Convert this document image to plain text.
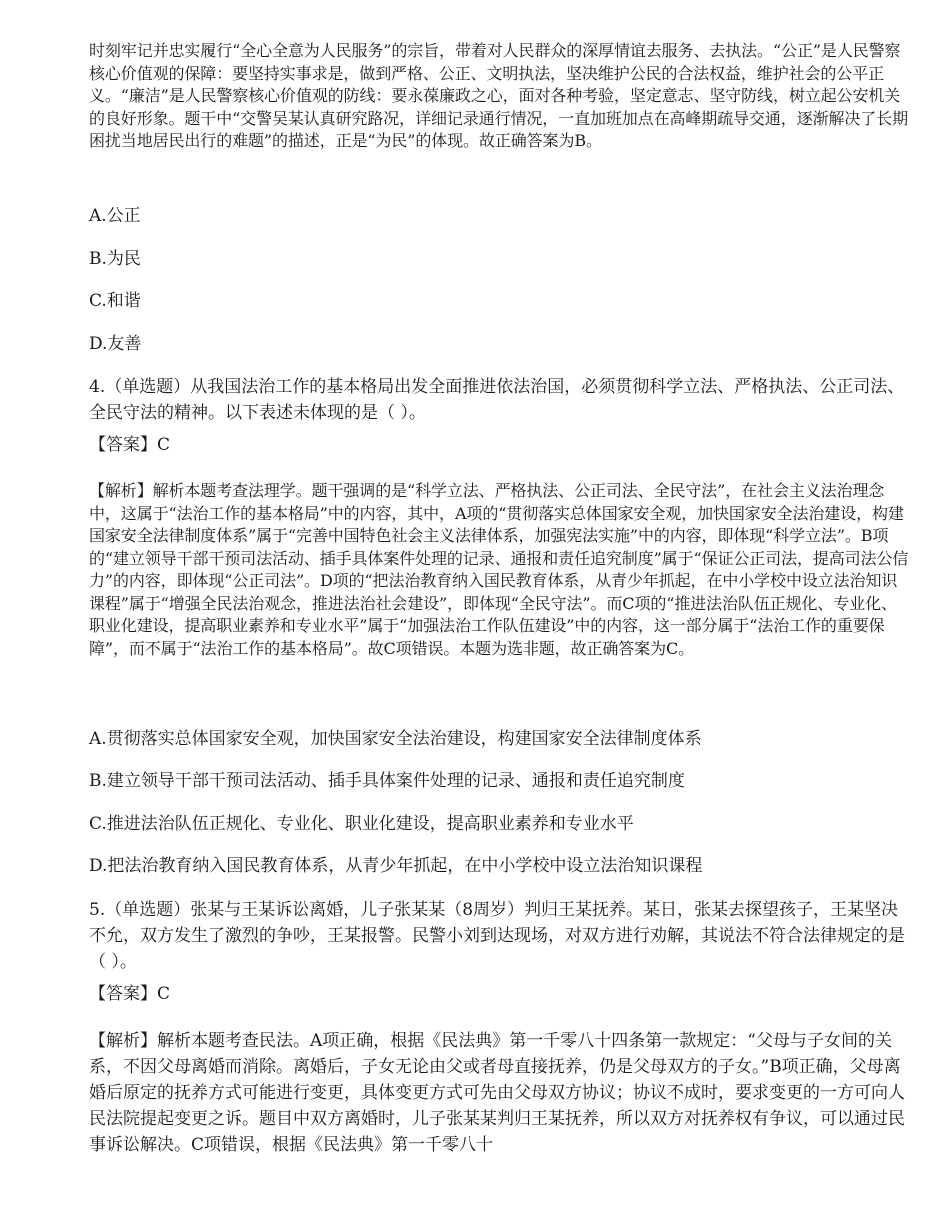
时刻牢记并忠实履行“全心全意为人民服务”的宗旨，带着对人民群众的深厚情谊去服务、去执法。“公正”是人民警察核心价值观的保障：要坚持实事求是，做到严格、公正、文明执法，坚决维护公民的合法权益，维护社会的公平正义。“廉洁”是人民警察核心价值观的防线：要永葆廉政之心，面对各种考验，坚定意志、坚守防线，树立起公安机关的良好形象。题干中“交警吴某认真研究路况，详细记录通行情况，一直加班加点在高峰期疏导交通，逐渐解决了长期困扰当地居民出行的难题”的描述，正是“为民”的体现。故正确答案为B。
A.公正
B.为民
C.和谐
D.友善
4.（单选题）从我国法治工作的基本格局出发全面推进依法治国，必须贯彻科学立法、严格执法、公正司法、全民守法的精神。以下表述未体现的是（ ）。
【答案】C
【解析】解析本题考查法理学。题干强调的是“科学立法、严格执法、公正司法、全民守法”，在社会主义法治理念中，这属于“法治工作的基本格局”中的内容，其中，A项的“贯彻落实总体国家安全观，加快国家安全法治建设，构建国家安全法律制度体系”属于“完善中国特色社会主义法律体系，加强宪法实施”中的内容，即体现“科学立法”。B项的“建立领导干部干预司法活动、插手具体案件处理的记录、通报和责任追究制度”属于“保证公正司法，提高司法公信力”的内容，即体现“公正司法”。D项的“把法治教育纳入国民教育体系，从青少年抓起，在中小学校中设立法治知识课程”属于“增强全民法治观念，推进法治社会建设”，即体现“全民守法”。而C项的“推进法治队伍正规化、专业化、职业化建设，提高职业素养和专业水平”属于“加强法治工作队伍建设”中的内容，这一部分属于“法治工作的重要保障”，而不属于“法治工作的基本格局”。故C项错误。本题为选非题，故正确答案为C。
A.贯彻落实总体国家安全观，加快国家安全法治建设，构建国家安全法律制度体系
B.建立领导干部干预司法活动、插手具体案件处理的记录、通报和责任追究制度
C.推进法治队伍正规化、专业化、职业化建设，提高职业素养和专业水平
D.把法治教育纳入国民教育体系，从青少年抓起，在中小学校中设立法治知识课程
5.（单选题）张某与王某诉讼离婚，儿子张某某（8周岁）判归王某抚养。某日，张某去探望孩子，王某坚决不允，双方发生了激烈的争吵，王某报警。民警小刘到达现场，对双方进行劝解，其说法不符合法律规定的是（ ）。
【答案】C
【解析】解析本题考查民法。A项正确，根据《民法典》第一千零八十四条第一款规定：“父母与子女间的关系，不因父母离婚而消除。离婚后，子女无论由父或者母直接抚养，仍是父母双方的子女。”B项正确，父母离婚后原定的抚养方式可能进行变更，具体变更方式可先由父母双方协议；协议不成时，要求变更的一方可向人民法院提起变更之诉。题目中双方离婚时，儿子张某某判归王某抚养，所以双方对抚养权有争议，可以通过民事诉讼解决。C项错误，根据《民法典》第一千零八十
